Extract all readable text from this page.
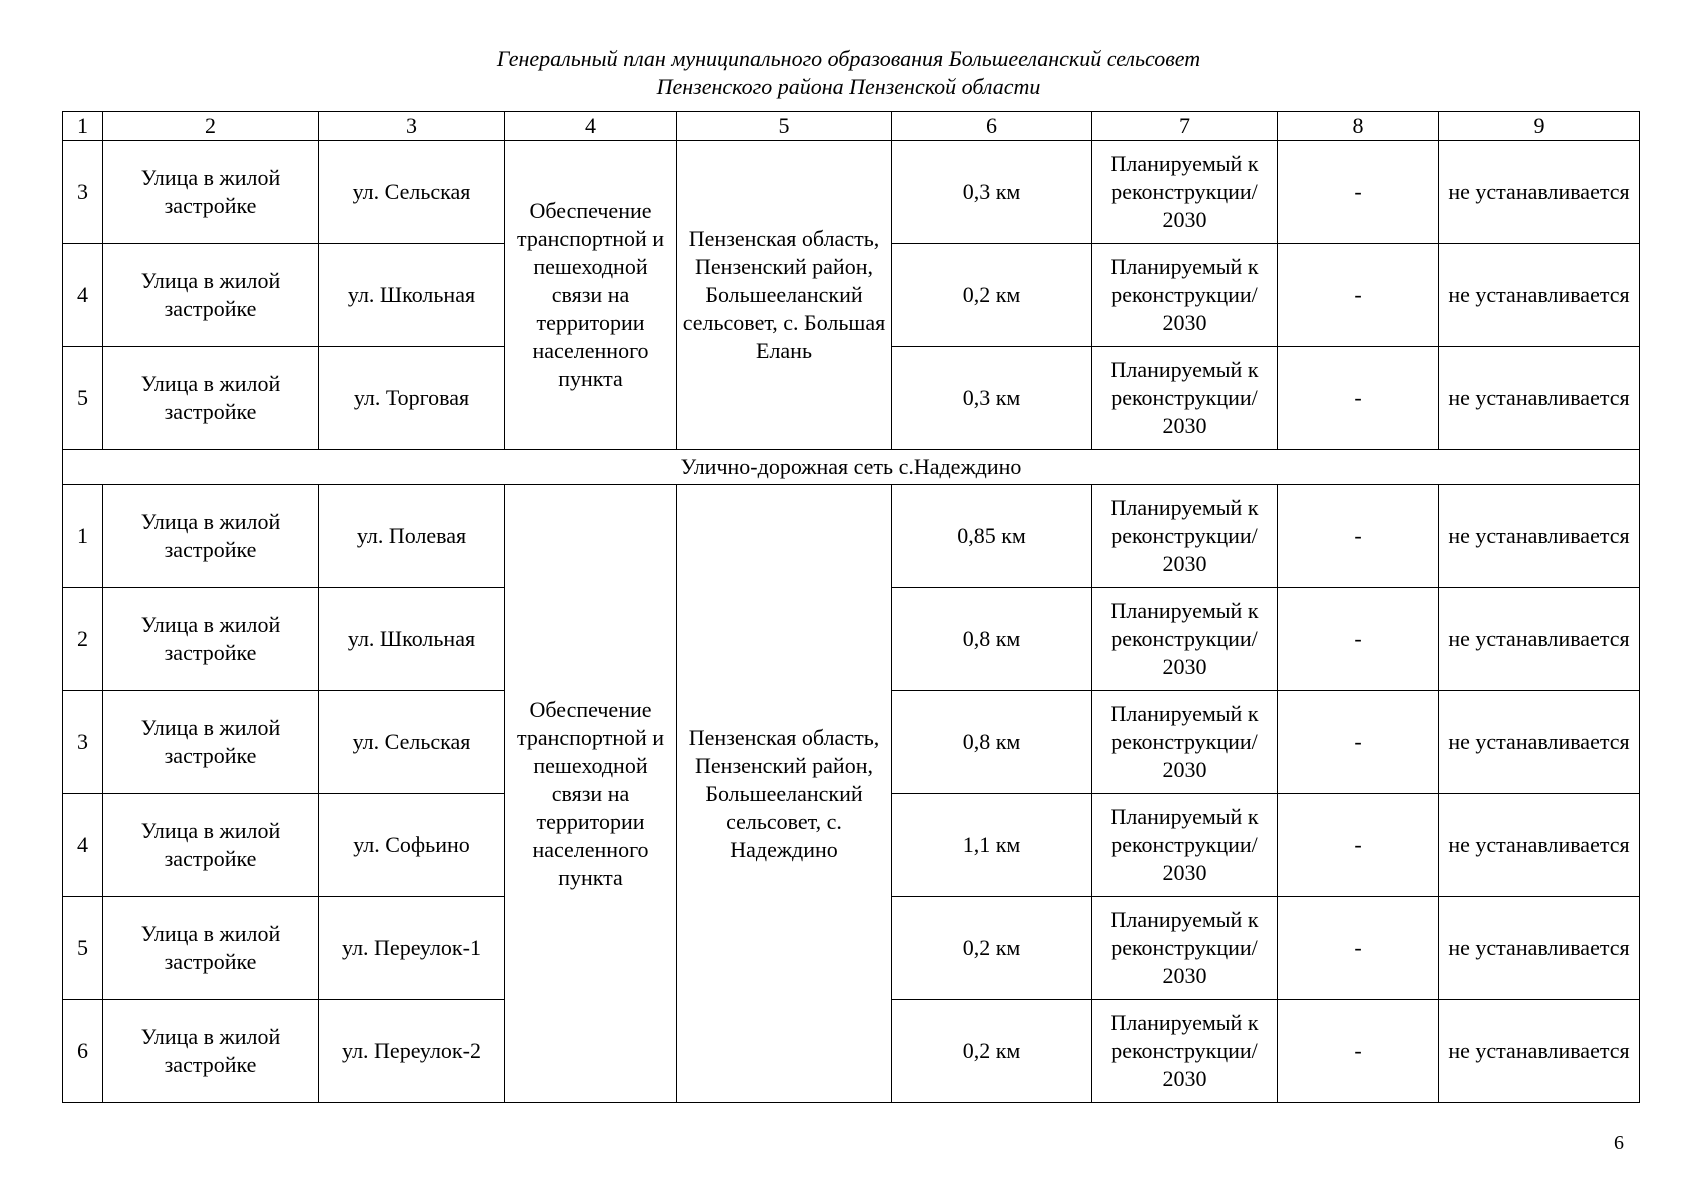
Генеральный план муниципального образования Большееланский сельсовет
Пензенского района Пензенской области
1	2	3	4	5	6	7	8	9
3	Улица в жилой застройке	ул. Сельская	Обеспечение транспортной и пешеходной связи на территории населенного пункта	Пензенская область, Пензенский район, Большееланский сельсовет, с. Большая Елань	0,3 км	Планируемый к реконструкции/ 2030	-	не устанавливается
4	Улица в жилой застройке	ул. Школьная			0,2 км	Планируемый к реконструкции/ 2030	-	не устанавливается
5	Улица в жилой застройке	ул. Торговая			0,3 км	Планируемый к реконструкции/ 2030	-	не устанавливается
Улично-дорожная сеть с.Надеждино								
1	Улица в жилой застройке	ул. Полевая	Обеспечение транспортной и пешеходной связи на территории населенного пункта	Пензенская область, Пензенский район, Большееланский сельсовет, с. Надеждино	0,85 км	Планируемый к реконструкции/ 2030	-	не устанавливается
2	Улица в жилой застройке	ул. Школьная			0,8 км	Планируемый к реконструкции/ 2030	-	не устанавливается
3	Улица в жилой застройке	ул. Сельская			0,8 км	Планируемый к реконструкции/ 2030	-	не устанавливается
4	Улица в жилой застройке	ул. Софьино			1,1 км	Планируемый к реконструкции/ 2030	-	не устанавливается
5	Улица в жилой застройке	ул. Переулок-1			0,2 км	Планируемый к реконструкции/ 2030	-	не устанавливается
6	Улица в жилой застройке	ул. Переулок-2			0,2 км	Планируемый к реконструкции/ 2030	-	не устанавливается
6
